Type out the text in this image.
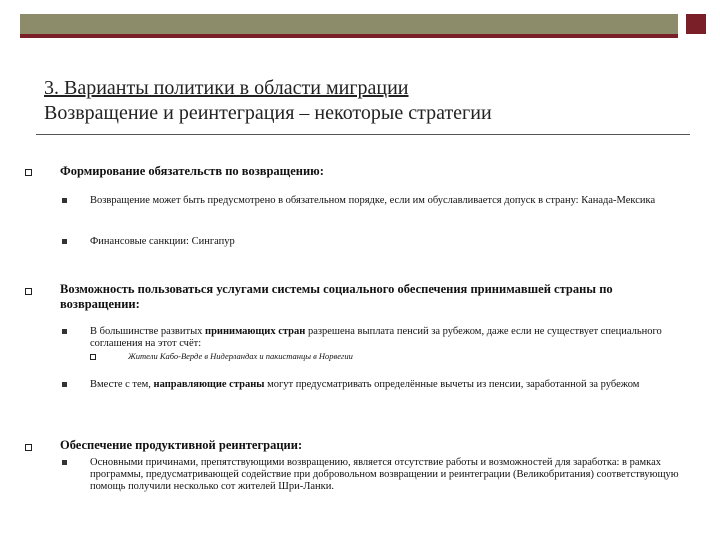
3. Варианты политики в области миграции
Возвращение и реинтеграция – некоторые стратегии
Формирование обязательств по возвращению:
Возвращение может быть предусмотрено в обязательном порядке, если им обуславливается допуск в страну: Канада-Мексика
Финансовые санкции: Сингапур
Возможность пользоваться услугами системы социального обеспечения принимавшей страны по возвращении:
В большинстве развитых принимающих стран разрешена выплата пенсий за рубежом, даже если не существует специального соглашения на этот счёт:
Жители Кабо-Верде в Нидерландах и пакистанцы в Норвегии
Вместе с тем, направляющие страны могут предусматривать определённые вычеты из пенсии, заработанной за рубежом
Обеспечение продуктивной реинтеграции:
Основными причинами, препятствующими возвращению, является отсутствие работы и возможностей для заработка: в рамках программы, предусматривающей содействие при добровольном возвращении и реинтеграции (Великобритания) соответствующую помощь получили несколько сот жителей Шри-Ланки.
